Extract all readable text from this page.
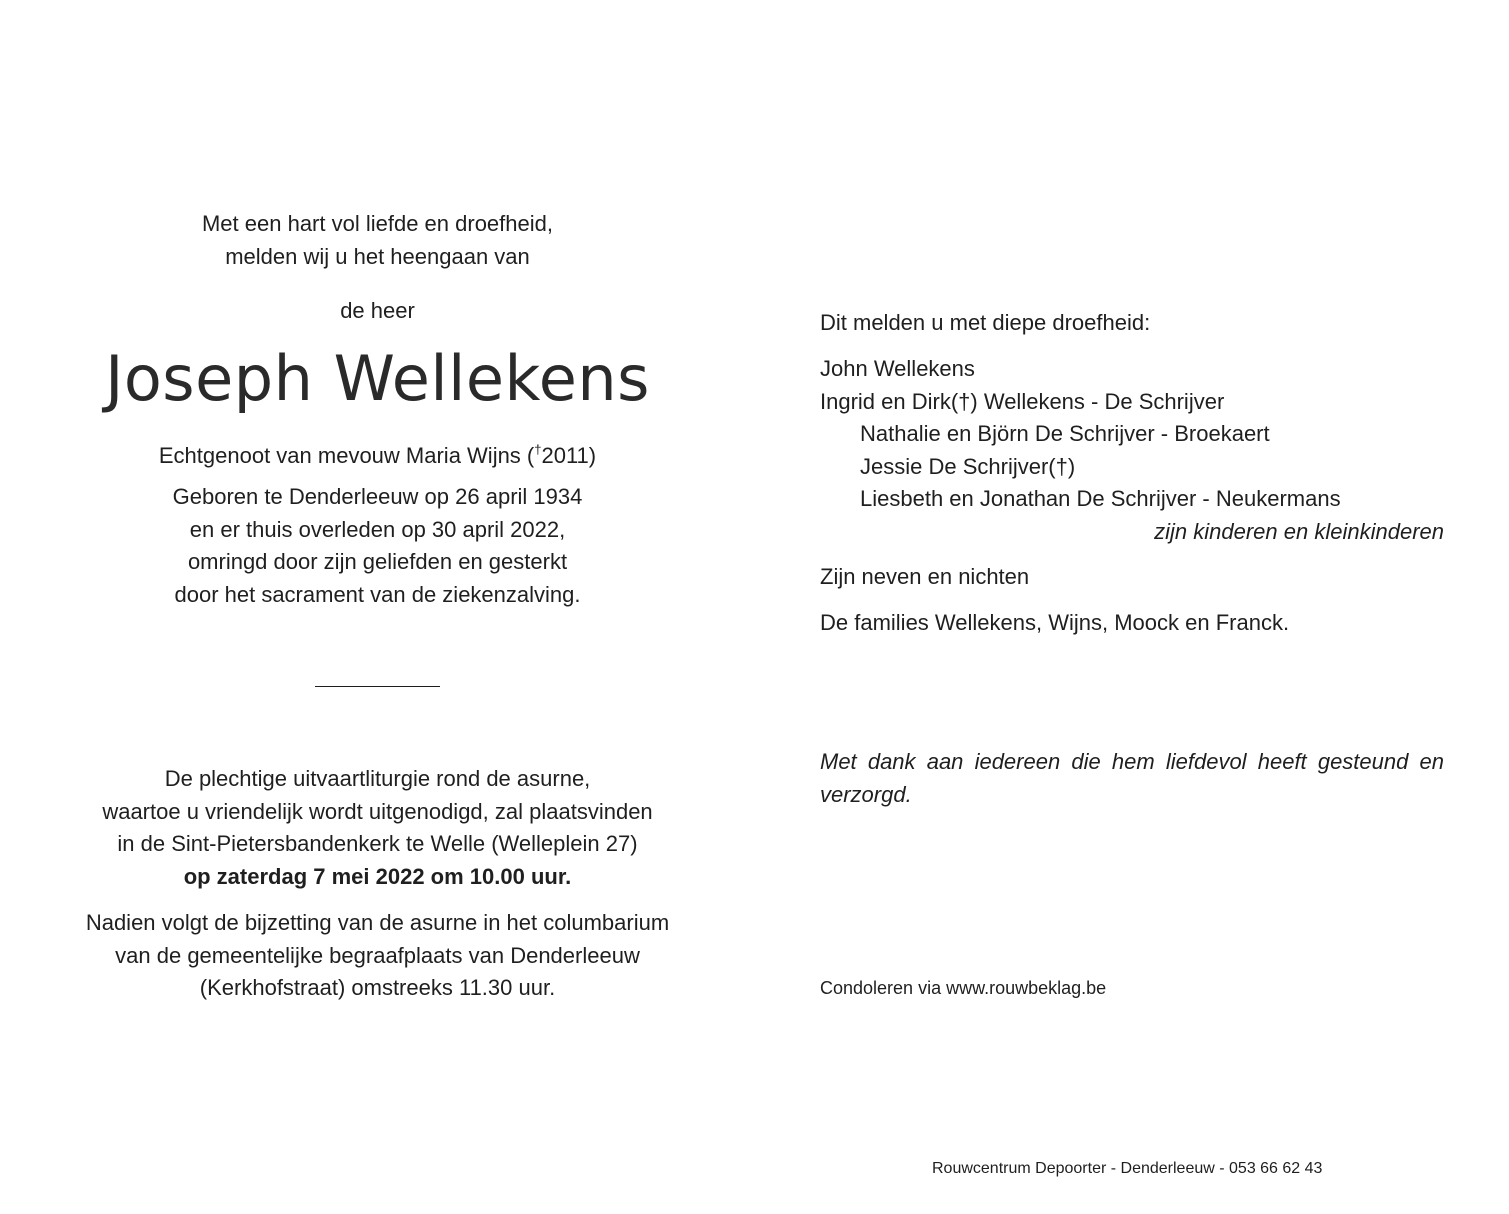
Met een hart vol liefde en droefheid,
melden wij u het heengaan van
de heer
Joseph Wellekens
Echtgenoot van mevouw Maria Wijns (†2011)
Geboren te Denderleeuw op 26 april 1934
en er thuis overleden op 30 april 2022,
omringd door zijn geliefden en gesterkt
door het sacrament van de ziekenzalving.
De plechtige uitvaartliturgie rond de asurne,
waartoe u vriendelijk wordt uitgenodigd, zal plaatsvinden
in de Sint-Pietersbandenkerk te Welle (Welleplein 27)
op zaterdag 7 mei 2022 om 10.00 uur.
Nadien volgt de bijzetting van de asurne in het columbarium
van de gemeentelijke begraafplaats van Denderleeuw
(Kerkhofstraat) omstreeks 11.30 uur.
Dit melden u met diepe droefheid:
John Wellekens
Ingrid en Dirk(†) Wellekens - De Schrijver
Nathalie en Björn De Schrijver - Broekaert
Jessie De Schrijver(†)
Liesbeth en Jonathan De Schrijver - Neukermans
zijn kinderen en kleinkinderen
Zijn neven en nichten
De families Wellekens, Wijns, Moock en Franck.
Met dank aan iedereen die hem liefdevol heeft gesteund en verzorgd.
Condoleren via www.rouwbeklag.be
Rouwcentrum Depoorter - Denderleeuw - 053 66 62 43
